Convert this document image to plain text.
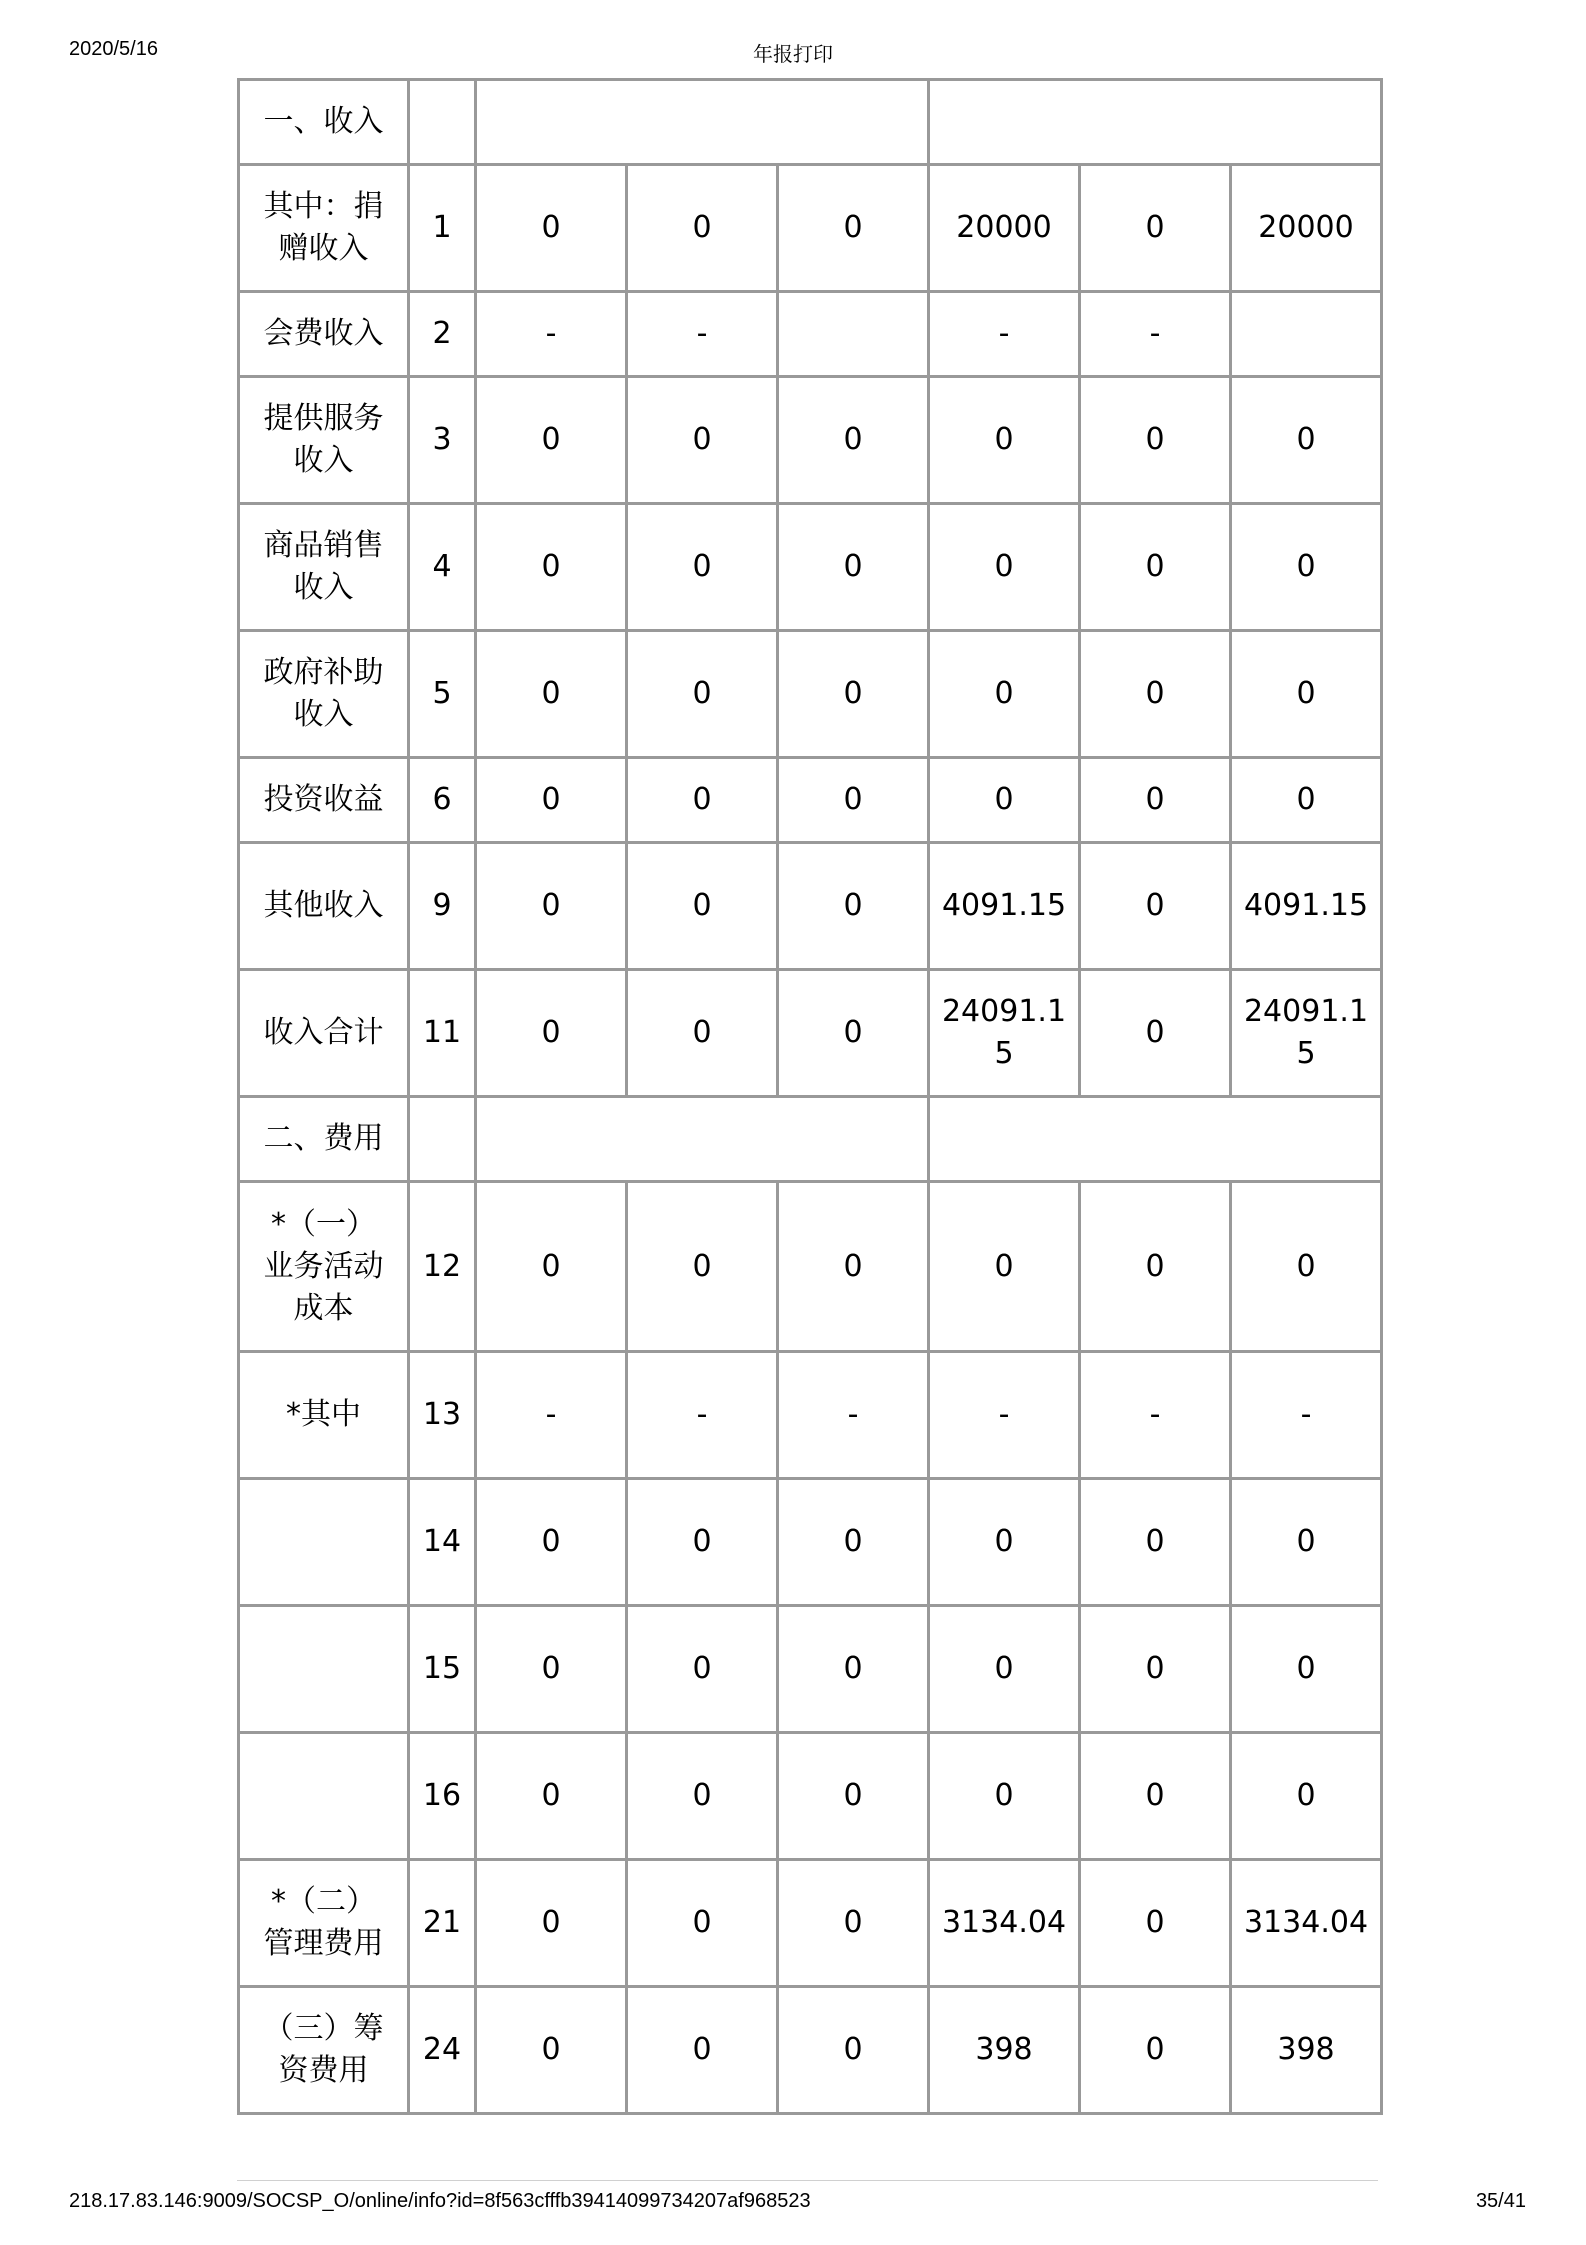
2020/5/16	年报打印
一、收入							
其中：捐赠收入	1	0	0	0	20000	0	20000
会费收入	2	-	-		-	-	
提供服务收入	3	0	0	0	0	0	0
商品销售收入	4	0	0	0	0	0	0
政府补助收入	5	0	0	0	0	0	0
投资收益	6	0	0	0	0	0	0
其他收入	9	0	0	0	4091.15	0	4091.15
收入合计	11	0	0	0	24091.15	0	24091.15
二、费用							
*（一）业务活动成本	12	0	0	0	0	0	0
*其中	13	-	-	-	-	-	-
	14	0	0	0	0	0	0
	15	0	0	0	0	0	0
	16	0	0	0	0	0	0
*（二）管理费用	21	0	0	0	3134.04	0	3134.04
（三）筹资费用	24	0	0	0	398	0	398
218.17.83.146:9009/SOCSP_O/online/info?id=8f563cfffb39414099734207af968523	35/41
